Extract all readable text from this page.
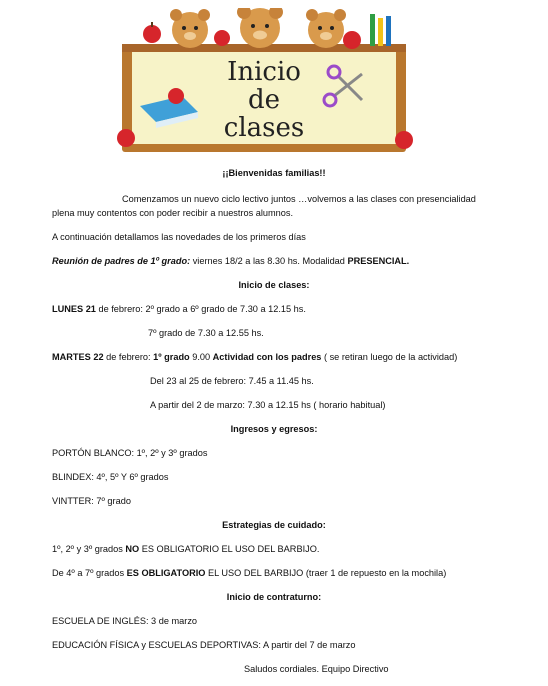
Inicio
de
clases
¡¡Bienvenidas familias!!
Comenzamos un nuevo ciclo lectivo juntos …volvemos a las clases con presencialidad
plena muy contentos con poder recibir a nuestros alumnos.
A continuación detallamos las novedades de los primeros días
Reunión de padres de 1º grado: viernes 18/2 a las 8.30 hs. Modalidad PRESENCIAL.
Inicio de clases:
LUNES 21 de febrero: 2º grado a 6º grado de 7.30 a 12.15 hs.
7º grado de 7.30 a 12.55 hs.
MARTES 22 de febrero: 1º grado 9.00 Actividad con los padres ( se retiran luego de la actividad)
Del 23 al 25 de febrero: 7.45 a 11.45 hs.
A partir del 2 de marzo: 7.30 a 12.15 hs ( horario habitual)
Ingresos y egresos:
PORTÓN BLANCO: 1º, 2º y 3º grados
BLINDEX: 4º, 5º Y 6º grados
VINTTER: 7º grado
Estrategias de cuidado:
1º, 2º y 3º grados NO ES OBLIGATORIO EL USO DEL BARBIJO.
De 4º a 7º grados ES OBLIGATORIO EL USO DEL BARBIJO (traer 1 de repuesto en la mochila)
Inicio de contraturno:
ESCUELA DE INGLÉS: 3 de marzo
EDUCACIÓN FÍSICA y ESCUELAS DEPORTIVAS: A partir del 7 de marzo
Saludos cordiales. Equipo Directivo
